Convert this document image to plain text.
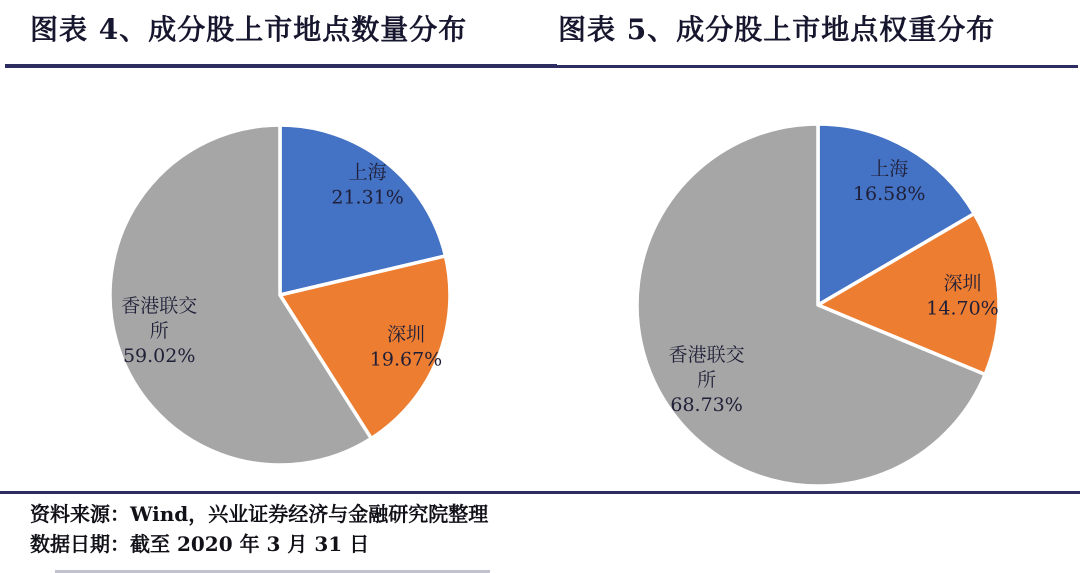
图表 4、成分股上市地点数量分布	图表 5、成分股上市地点权重分布
上海 21.31%
深圳 19.67%
香港联交所 59.02%
上海 16.58%
深圳 14.70%
香港联交所 68.73%

资料来源：Wind，兴业证券经济与金融研究院整理

数据日期：截至 2020 年 3 月 31 日
